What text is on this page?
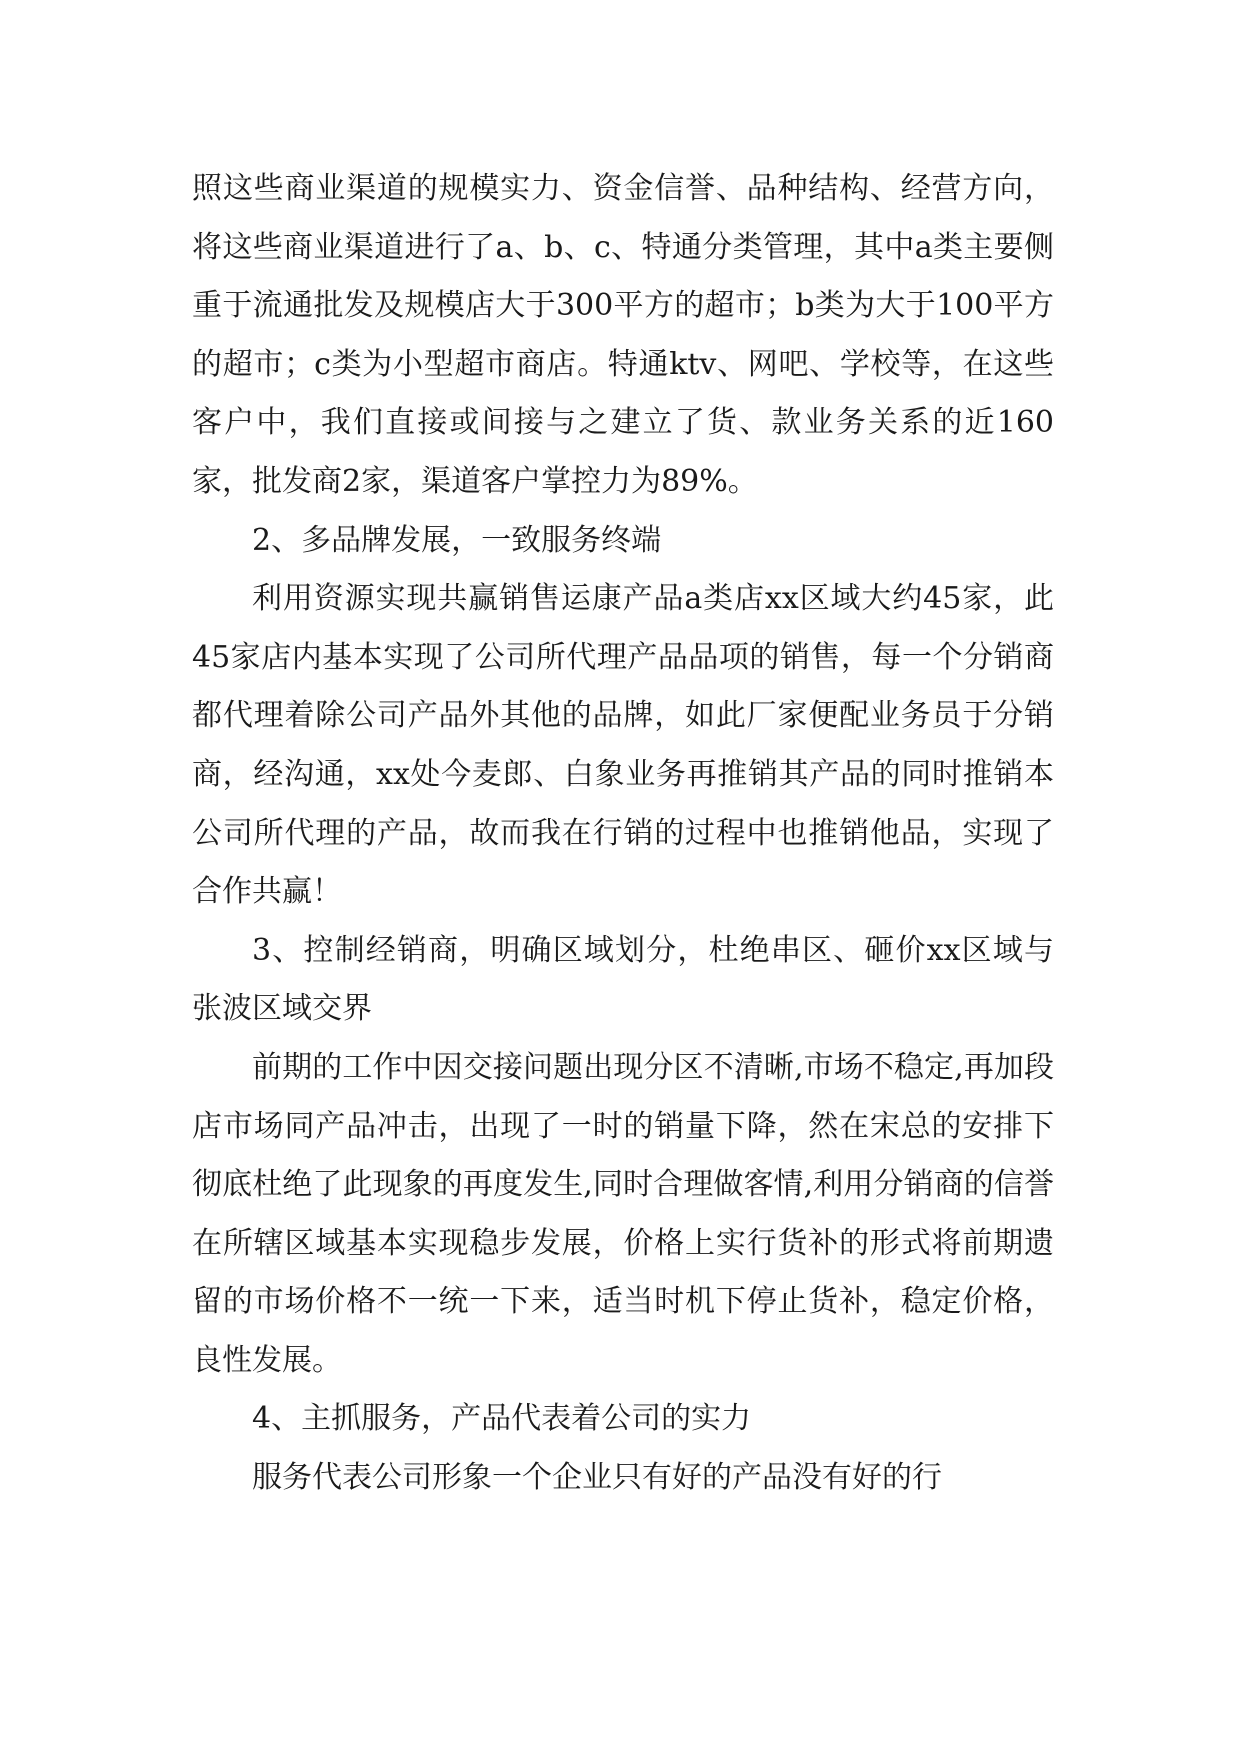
照这些商业渠道的规模实力、资金信誉、品种结构、经营方向，将这些商业渠道进行了a、b、c、特通分类管理，其中a类主要侧重于流通批发及规模店大于300平方的超市；b类为大于100平方的超市；c类为小型超市商店。特通ktv、网吧、学校等，在这些客户中，我们直接或间接与之建立了货、款业务关系的近160家，批发商2家，渠道客户掌控力为89%。

2、多品牌发展，一致服务终端

利用资源实现共赢销售运康产品a类店xx区域大约45家，此45家店内基本实现了公司所代理产品品项的销售，每一个分销商都代理着除公司产品外其他的品牌，如此厂家便配业务员于分销商，经沟通，xx处今麦郎、白象业务再推销其产品的同时推销本公司所代理的产品，故而我在行销的过程中也推销他品，实现了合作共赢！

3、控制经销商，明确区域划分，杜绝串区、砸价xx区域与张波区域交界

前期的工作中因交接问题出现分区不清晰,市场不稳定,再加段店市场同产品冲击，出现了一时的销量下降，然在宋总的安排下彻底杜绝了此现象的再度发生,同时合理做客情,利用分销商的信誉在所辖区域基本实现稳步发展，价格上实行货补的形式将前期遗留的市场价格不一统一下来，适当时机下停止货补，稳定价格，良性发展。

4、主抓服务，产品代表着公司的实力

服务代表公司形象一个企业只有好的产品没有好的行
